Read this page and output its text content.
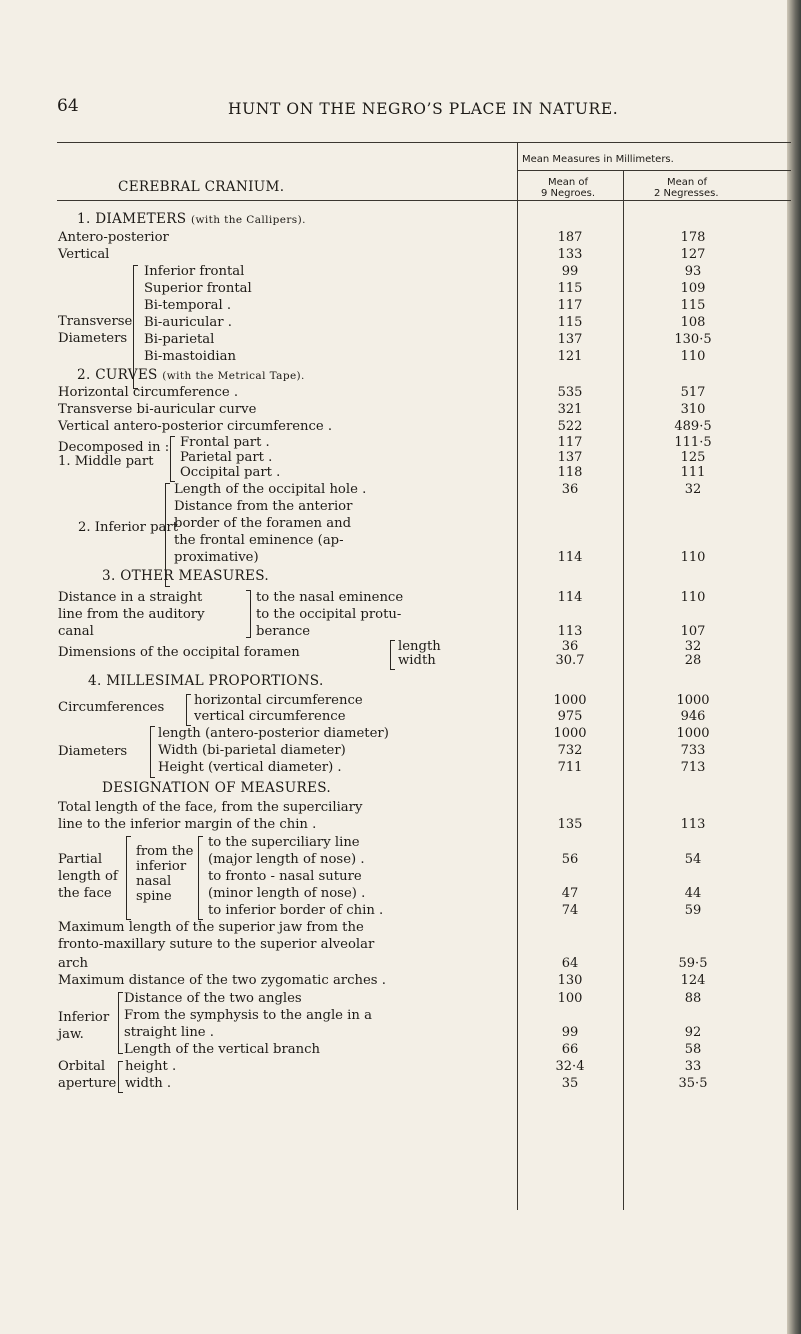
64	HUNT ON THE NEGRO’S PLACE IN NATURE.
CEREBRAL CRANIUM.
Mean Measures in Millimeters.
Mean of
9 Negroes.
Mean of
2 Negresses.
1. DIAMETERS (with the Callipers).
Antero-posterior
Vertical
Transverse
Diameters
Inferior frontal
Superior frontal
Bi-temporal .
Bi-auricular .
Bi-parietal
Bi-mastoidian
2. CURVES (with the Metrical Tape).
Horizontal circumference .
Transverse bi-auricular curve
Vertical antero-posterior circumference .
Decomposed in :
1. Middle part
Frontal part .
Parietal part .
Occipital part .
2. Inferior part
Length of the occipital hole .
Distance from the anterior
border of the foramen and
the frontal eminence (ap-
proximative)
3. OTHER MEASURES.
Distance in a straight
line from the auditory
canal
to the nasal eminence
to the occipital protu-
berance
Dimensions of the occipital foramen	length
width
4. MILLESIMAL PROPORTIONS.
Circumferences horizontal circumference
vertical circumference
Diameters
length (antero-posterior diameter)
Width (bi-parietal diameter)
Height (vertical diameter) .
DESIGNATION OF MEASURES.
Total length of the face, from the superciliary
line to the inferior margin of the chin .
Partial
length of
the face
from the
inferior
nasal
spine
to the superciliary line
(major length of nose) .
to fronto - nasal suture
(minor length of nose) .
to inferior border of chin .
Maximum length of the superior jaw from the
fronto-maxillary suture to the superior alveolar
arch
Maximum distance of the two zygomatic arches .
Inferior
jaw.
Distance of the two angles
From the symphysis to the angle in a
straight line .
Length of the vertical branch
Orbital
aperture
height .
width .
187
133
99
115
117
115
137
121
535
321
522
117
137
118
36
114
114
113
36
30.7
1000
975
1000
732
711
135
56
47
74
64
130
100
99
66
32·4
35
178
127
93
109
115
108
130·5
110
517
310
489·5
111·5
125
111
32
110
110
107
32
28
1000
946
1000
733
713
113
54
44
59
59·5
124
88
92
58
33
35·5
